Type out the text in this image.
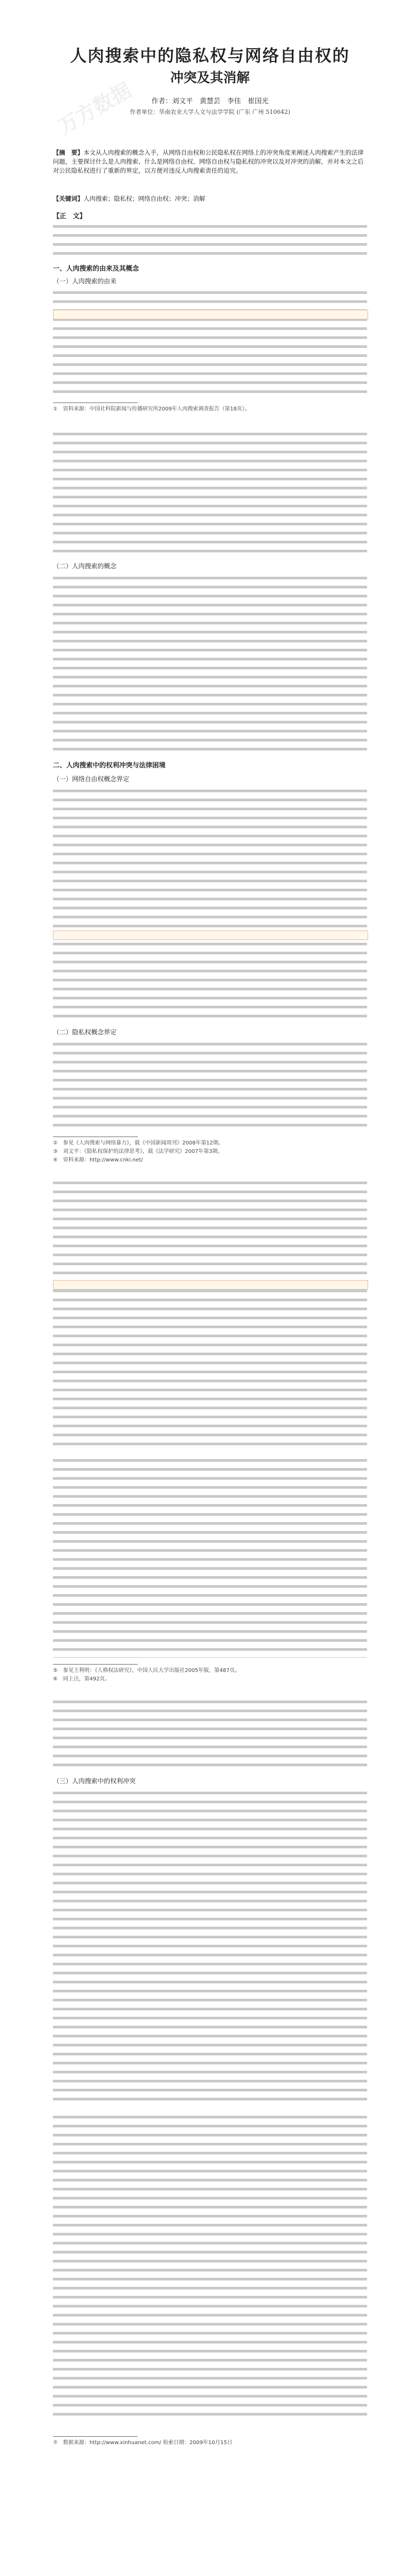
万方数据
人肉搜索中的隐私权与网络自由权的
冲突及其消解
作者：刘文平　黄慧芸　李佳　崔国光
作者单位：华南农业大学人文与法学学院 (广东 广州 510642)
【摘　要】本文从人肉搜索的概念入手，从网络自由权和公民隐私权在网络上的冲突角度来阐述人肉搜索产生的法律问题，主要探讨什么是人肉搜索、什么是网络自由权、网络自由权与隐私权的冲突以及对冲突的消解，并对本文之后对公民隐私权进行了重新的界定，以方便对违反人肉搜索责任的追究。
【关键词】人肉搜索；隐私权；网络自由权；冲突；消解
【正　文】
一、人肉搜索的由来及其概念
（一）人肉搜索的由来
①　资料来源：中国社科院新闻与传播研究所2009年人肉搜索调查报告（第18页）。
（二）人肉搜索的概念
二、人肉搜索中的权利冲突与法律困境
（一）网络自由权概念界定
（二）隐私权概念界定
②　参见《人肉搜索与网络暴力》，载《中国新闻周刊》2008年第12期。
③　刘文平：《隐私权保护的法律思考》，载《法学研究》2007年第3期。
④　资料来源：http://www.cnki.net/
⑤　参见王利明：《人格权法研究》，中国人民大学出版社2005年版，第487页。
⑥　同上注，第492页。
（三）人肉搜索中的权利冲突
⑦　数据来源：http://www.xinhuanet.com/ 检索日期：2009年10月15日
